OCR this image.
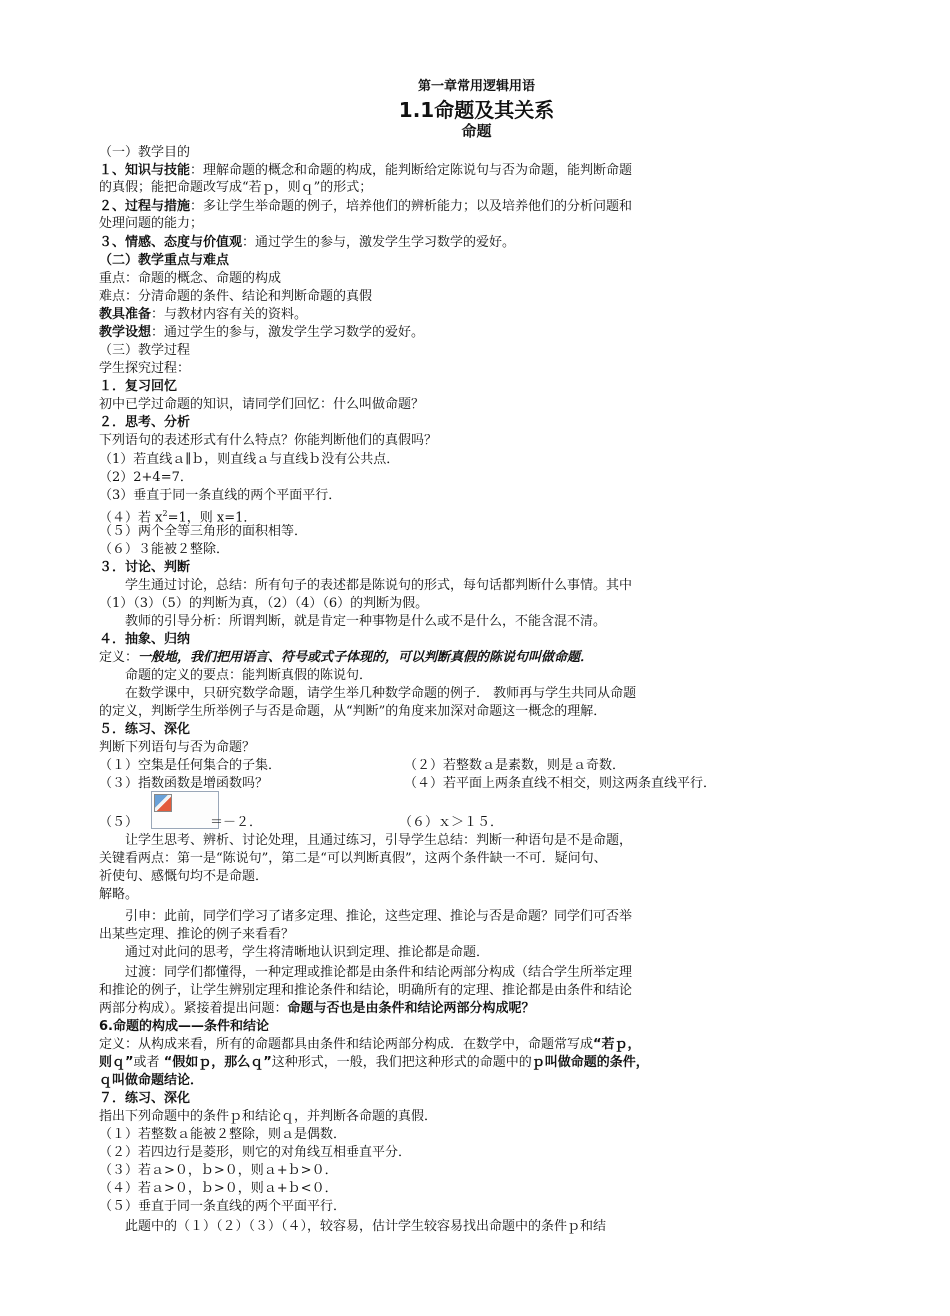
第一章常用逻辑用语
1.1命题及其关系
命题
（一）教学目的
１、知识与技能：理解命题的概念和命题的构成，能判断给定陈说句与否为命题，能判断命题
的真假；能把命题改写成“若ｐ，则ｑ”的形式；
２、过程与措施：多让学生举命题的例子，培养他们的辨析能力；以及培养他们的分析问题和
处理问题的能力；
３、情感、态度与价值观：通过学生的参与，激发学生学习数学的爱好。
（二）教学重点与难点
重点：命题的概念、命题的构成
难点：分清命题的条件、结论和判断命题的真假
教具准备：与教材内容有关的资料。
教学设想：通过学生的参与，激发学生学习数学的爱好。
（三）教学过程
学生探究过程：
１．复习回忆
初中已学过命题的知识，请同学们回忆：什么叫做命题？
２．思考、分析
下列语句的表述形式有什么特点？你能判断他们的真假吗？
（1）若直线ａ∥ｂ，则直线ａ与直线ｂ没有公共点．
（2）2+4=7．
（3）垂直于同一条直线的两个平面平行．
（４）若 $x^2=1$，则 x=1．
（５）两个全等三角形的面积相等．
（６）３能被２整除．
３．讨论、判断
学生通过讨论，总结：所有句子的表述都是陈说句的形式，每句话都判断什么事情。其中
（1）（3）（5）的判断为真，（2）（4）（6）的判断为假。
教师的引导分析：所谓判断，就是肯定一种事物是什么或不是什么，不能含混不清。
４．抽象、归纳
定义：一般地，我们把用语言、符号或式子体现的，可以判断真假的陈说句叫做命题．
命题的定义的要点：能判断真假的陈说句．
在数学课中，只研究数学命题，请学生举几种数学命题的例子． 教师再与学生共同从命题
的定义，判断学生所举例子与否是命题，从“判断”的角度来加深对命题这一概念的理解．
５．练习、深化
判断下列语句与否为命题？
（１）空集是任何集合的子集．	（２）若整数ａ是素数，则是ａ奇数．
（３）指数函数是增函数吗？	（４）若平面上两条直线不相交，则这两条直线平行．
（５）	＝－２．	（６）ｘ＞１５．
让学生思考、辨析、讨论处理，且通过练习，引导学生总结：判断一种语句是不是命题，
关键看两点：第一是“陈说句”，第二是“可以判断真假”，这两个条件缺一不可．疑问句、
祈使句、感慨句均不是命题．
解略。
引申：此前，同学们学习了诸多定理、推论，这些定理、推论与否是命题？同学们可否举
出某些定理、推论的例子来看看？
通过对此问的思考，学生将清晰地认识到定理、推论都是命题．
过渡：同学们都懂得，一种定理或推论都是由条件和结论两部分构成（结合学生所举定理
和推论的例子，让学生辨别定理和推论条件和结论，明确所有的定理、推论都是由条件和结论
两部分构成）。紧接着提出问题：命题与否也是由条件和结论两部分构成呢？
6.命题的构成——条件和结论
定义：从构成来看，所有的命题都具由条件和结论两部分构成．在数学中，命题常写成“若ｐ，
则ｑ”或者 “假如ｐ，那么ｑ”这种形式，一般，我们把这种形式的命题中的ｐ叫做命题的条件，
ｑ叫做命题结论．
７．练习、深化
指出下列命题中的条件ｐ和结论ｑ，并判断各命题的真假．
（１）若整数ａ能被２整除，则ａ是偶数．
（２）若四边行是菱形，则它的对角线互相垂直平分．
（３）若ａ>０，ｂ>０，则ａ+ｂ>０．
（４）若ａ>０，ｂ>０，则ａ+ｂ<０．
（５）垂直于同一条直线的两个平面平行．
此题中的（１）（２）（３）（４），较容易，估计学生较容易找出命题中的条件ｐ和结
